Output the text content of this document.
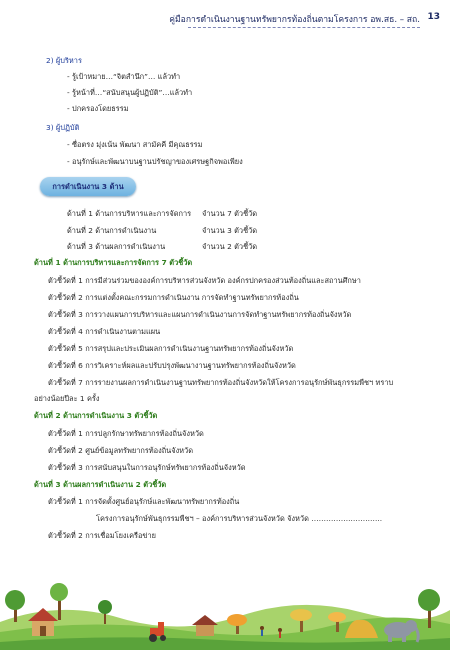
คู่มือการดำเนินงานฐานทรัพยากรท้องถิ่นตามโครงการ อพ.สธ. – สถ. 13
2) ผู้บริหาร
- รู้เป้าหมาย…“จิตสำนึก”… แล้วทำ
- รู้หน้าที่…“สนับสนุนผู้ปฏิบัติ”…แล้วทำ
- ปกครองโดยธรรม
3) ผู้ปฏิบัติ
- ซื่อตรง มุ่งเน้น พัฒนา สามัคคี มีคุณธรรม
- อนุรักษ์และพัฒนาบนฐานปรัชญาของเศรษฐกิจพอเพียง
การดำเนินงาน 3 ด้าน
ด้านที่ 1 ด้านการบริหารและการจัดการ จำนวน 7 ตัวชี้วัด
ด้านที่ 2 ด้านการดำเนินงาน	จำนวน 3 ตัวชี้วัด
ด้านที่ 3 ด้านผลการดำเนินงาน	จำนวน 2 ตัวชี้วัด
ด้านที่ 1 ด้านการบริหารและการจัดการ 7 ตัวชี้วัด
ตัวชี้วัดที่ 1 การมีส่วนร่วมขององค์การบริหารส่วนจังหวัด องค์กรปกครองส่วนท้องถิ่นและสถานศึกษา
ตัวชี้วัดที่ 2 การแต่งตั้งคณะกรรมการดำเนินงาน การจัดทำฐานทรัพยากรท้องถิ่น
ตัวชี้วัดที่ 3 การวางแผนการบริหารและแผนการดำเนินงานการจัดทำฐานทรัพยากรท้องถิ่นจังหวัด
ตัวชี้วัดที่ 4 การดำเนินงานตามแผน
ตัวชี้วัดที่ 5 การสรุปและประเมินผลการดำเนินงานฐานทรัพยากรท้องถิ่นจังหวัด
ตัวชี้วัดที่ 6 การวิเคราะห์ผลและปรับปรุงพัฒนางานฐานทรัพยากรท้องถิ่นจังหวัด
ตัวชี้วัดที่ 7 การรายงานผลการดำเนินงานฐานทรัพยากรท้องถิ่นจังหวัดให้โครงการอนุรักษ์พันธุกรรมพืชฯ ทราบ
อย่างน้อยปีละ 1 ครั้ง
ด้านที่ 2 ด้านการดำเนินงาน 3 ตัวชี้วัด
ตัวชี้วัดที่ 1 การปลูกรักษาทรัพยากรท้องถิ่นจังหวัด
ตัวชี้วัดที่ 2 ศูนย์ข้อมูลทรัพยากรท้องถิ่นจังหวัด
ตัวชี้วัดที่ 3 การสนับสนุนในการอนุรักษ์ทรัพยากรท้องถิ่นจังหวัด
ด้านที่ 3 ด้านผลการดำเนินงาน 2 ตัวชี้วัด
ตัวชี้วัดที่ 1 การจัดตั้งศูนย์อนุรักษ์และพัฒนาทรัพยากรท้องถิ่น
โครงการอนุรักษ์พันธุกรรมพืชฯ – องค์การบริหารส่วนจังหวัด จังหวัด ……………..…….…..
ตัวชี้วัดที่ 2 การเชื่อมโยงเครือข่าย
